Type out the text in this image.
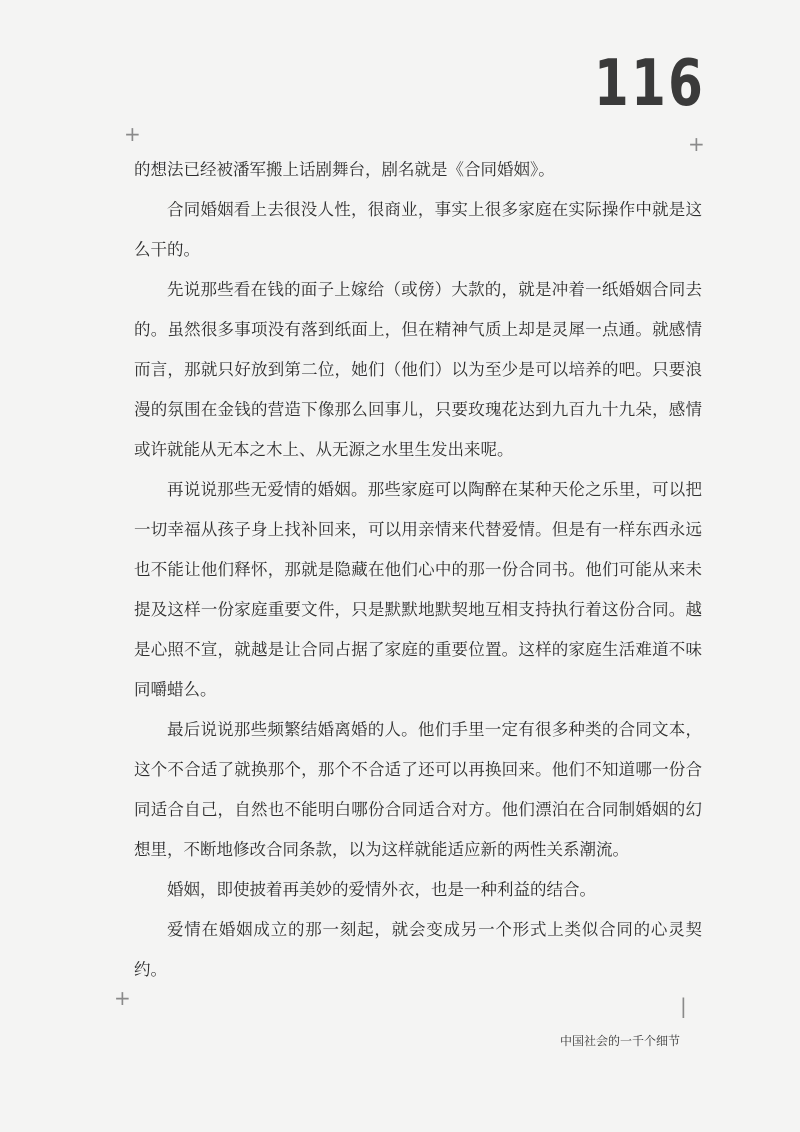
116
+	+
+	|

的想法已经被潘军搬上话剧舞台，剧名就是《合同婚姻》。

合同婚姻看上去很没人性，很商业，事实上很多家庭在实际操作中就是这么干的。

先说那些看在钱的面子上嫁给（或傍）大款的，就是冲着一纸婚姻合同去的。虽然很多事项没有落到纸面上，但在精神气质上却是灵犀一点通。就感情而言，那就只好放到第二位，她们（他们）以为至少是可以培养的吧。只要浪漫的氛围在金钱的营造下像那么回事儿，只要玫瑰花达到九百九十九朵，感情或许就能从无本之木上、从无源之水里生发出来呢。

再说说那些无爱情的婚姻。那些家庭可以陶醉在某种天伦之乐里，可以把一切幸福从孩子身上找补回来，可以用亲情来代替爱情。但是有一样东西永远也不能让他们释怀，那就是隐藏在他们心中的那一份合同书。他们可能从来未提及这样一份家庭重要文件，只是默默地默契地互相支持执行着这份合同。越是心照不宣，就越是让合同占据了家庭的重要位置。这样的家庭生活难道不味同嚼蜡么。

最后说说那些频繁结婚离婚的人。他们手里一定有很多种类的合同文本，这个不合适了就换那个，那个不合适了还可以再换回来。他们不知道哪一份合同适合自己，自然也不能明白哪份合同适合对方。他们漂泊在合同制婚姻的幻想里，不断地修改合同条款，以为这样就能适应新的两性关系潮流。

婚姻，即使披着再美妙的爱情外衣，也是一种利益的结合。

爱情在婚姻成立的那一刻起，就会变成另一个形式上类似合同的心灵契约。

中国社会的一千个细节
